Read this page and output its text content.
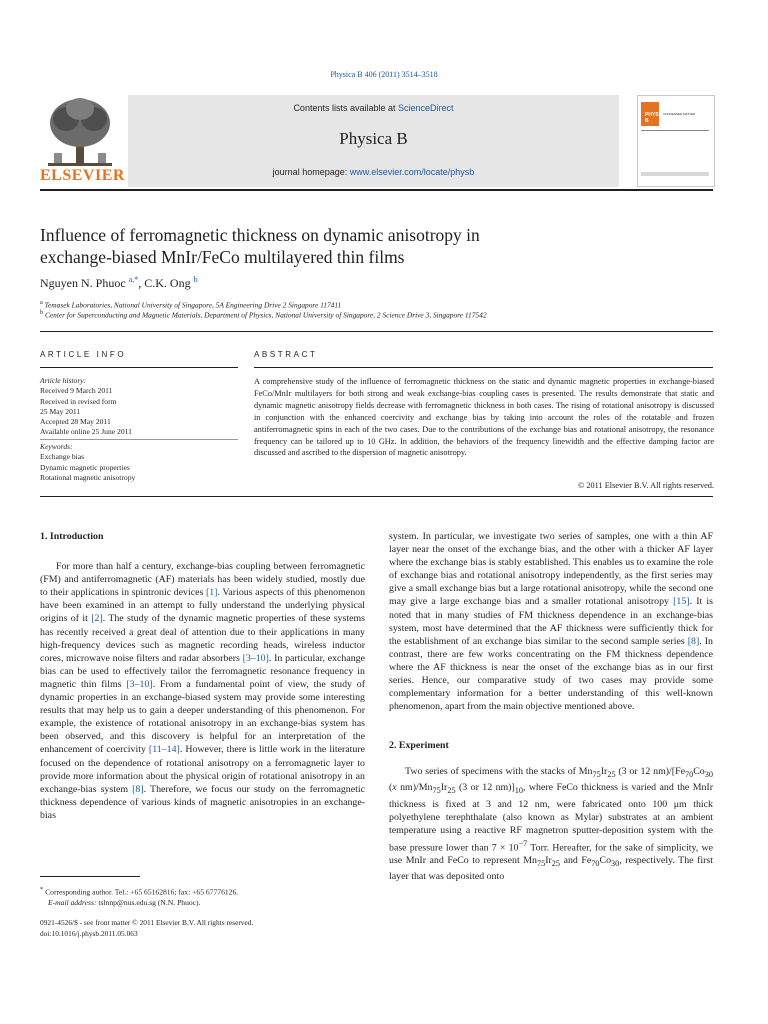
Physica B 406 (2011) 3514–3518
ELSEVIER
Contents lists available at ScienceDirect
Physica B
journal homepage: www.elsevier.com/locate/physb
PHYSICA B
CONDENSED MATTER
Influence of ferromagnetic thickness on dynamic anisotropy in
exchange-biased MnIr/FeCo multilayered thin films
Nguyen N. Phuoc $^{a,*}$, C.K. Ong $^b$
$^a$ Temasek Laboratories, National University of Singapore, 5A Engineering Drive 2 Singapore 117411
$^b$ Center for Superconducting and Magnetic Materials, Department of Physics, National University of Singapore, 2 Science Drive 3, Singapore 117542
ARTICLE INFO	ABSTRACT
Article history:
Received 9 March 2011
Received in revised form
25 May 2011
Accepted 28 May 2011
Available online 25 June 2011
Keywords:
Exchange bias
Dynamic magnetic properties
Rotational magnetic anisotropy
A comprehensive study of the influence of ferromagnetic thickness on the static and dynamic magnetic properties in exchange-biased FeCo/MnIr multilayers for both strong and weak exchange-bias coupling cases is presented. The results demonstrate that static and dynamic magnetic anisotropy fields decrease with ferromagnetic thickness in both cases. The rising of rotational anisotropy is discussed in conjunction with the enhanced coercivity and exchange bias by taking into account the roles of the rotatable and frozen antiferromagnetic spins in each of the two cases. Due to the contributions of the exchange bias and rotational anisotropy, the resonance frequency can be tailored up to 10 GHz. In addition, the behaviors of the frequency linewidth and the effective damping factor are discussed and ascribed to the dispersion of magnetic anisotropy.
© 2011 Elsevier B.V. All rights reserved.
1. Introduction

For more than half a century, exchange-bias coupling between ferromagnetic (FM) and antiferromagnetic (AF) materials has been widely studied, mostly due to their applications in spintronic devices [1]. Various aspects of this phenomenon have been examined in an attempt to fully understand the underlying physical origins of it [2]. The study of the dynamic magnetic properties of these systems has recently received a great deal of attention due to their applications in many high-frequency devices such as magnetic recording heads, wireless inductor cores, microwave noise filters and radar absorbers [3–10]. In particular, exchange bias can be used to effectively tailor the ferromagnetic resonance frequency in magnetic thin films [3–10]. From a fundamental point of view, the study of dynamic properties in an exchange-biased system may provide some interesting results that may help us to gain a deeper understanding of this phenomenon. For example, the existence of rotational anisotropy in an exchange-bias system has been observed, and this discovery is helpful for an interpretation of the enhancement of coercivity [11–14]. However, there is little work in the literature focused on the dependence of rotational anisotropy on a ferromagnetic layer to provide more information about the physical origin of rotational anisotropy in an exchange-bias system [8]. Therefore, we focus our study on the ferromagnetic thickness dependence of various kinds of magnetic anisotropies in an exchange-bias

system. In particular, we investigate two series of samples, one with a thin AF layer near the onset of the exchange bias, and the other with a thicker AF layer where the exchange bias is stably established. This enables us to examine the role of exchange bias and rotational anisotropy independently, as the first series may give a small exchange bias but a large rotational anisotropy, while the second one may give a large exchange bias and a smaller rotational anisotropy [15]. It is noted that in many studies of FM thickness dependence in an exchange-bias system, most have determined that the AF thickness were sufficiently thick for the establishment of an exchange bias similar to the second sample series [8]. In contrast, there are few works concentrating on the FM thickness dependence where the AF thickness is near the onset of the exchange bias as in our first series. Hence, our comparative study of two cases may provide some complementary information for a better understanding of this well-known phenomenon, apart from the main objective mentioned above.

2. Experiment

Two series of specimens with the stacks of $Mn_{75}Ir_{25}$ (3 or 12 $nm)/[Fe_{70}Co_{30}$ (x $nm)/Mn_{75}Ir_{25}$ (3 or 12 $nm)]_{10}$, where FeCo thickness is varied and the MnIr thickness is fixed at 3 and 12 nm, were fabricated onto 100 μm thick polyethylene terephthalate (also known as Mylar) substrates at an ambient temperature using a reactive RF magnetron sputter-deposition system with the base pressure lower than $7 \times 10^{-7}$ Torr. Hereafter, for the sake of simplicity, we use MnIr and FeCo to represent $Mn_{75}Ir_{25}$ and $Fe_{70}Co_{30}$, respectively. The first layer that was deposited onto

* Corresponding author. Tel.: +65 65162816; fax: +65 67776126.
E-mail address: tslnnp@nus.edu.sg (N.N. Phuoc).
0921-4526/$ - see front matter © 2011 Elsevier B.V. All rights reserved.
doi:10.1016/j.physb.2011.05.063
